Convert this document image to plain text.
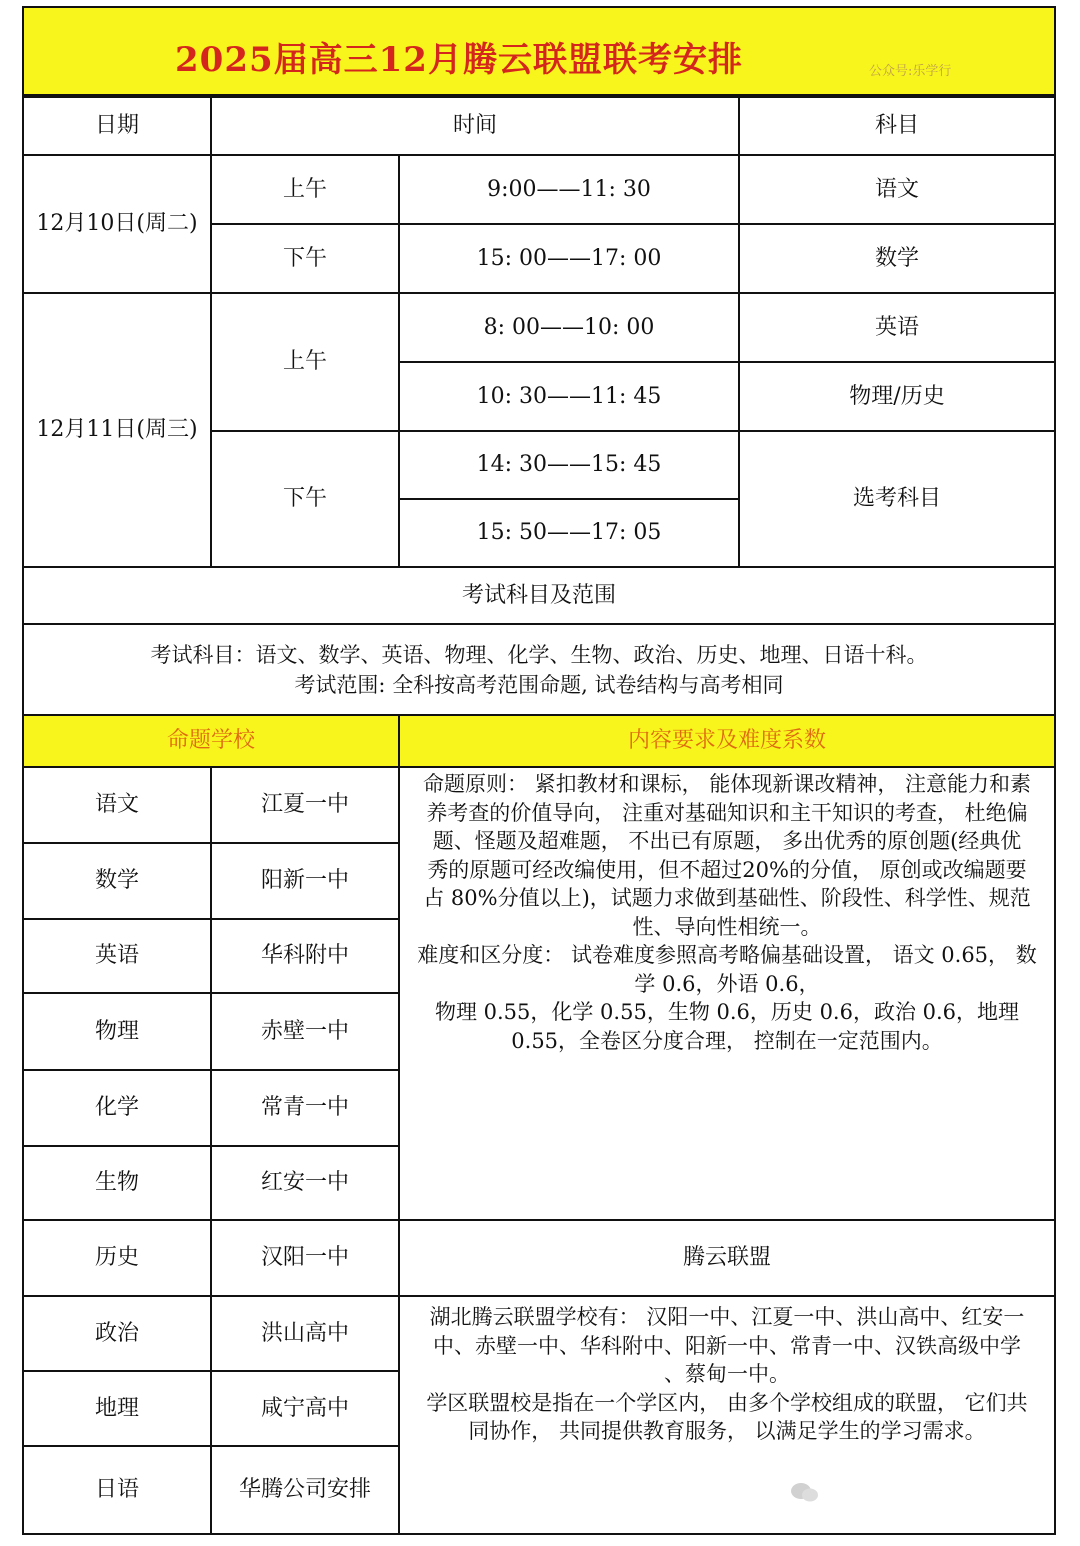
2025届高三12月腾云联盟联考安排	公众号:乐学行
日期	时间	科目
12月10日(周二)
上午	9:00——11: 30	语文
下午	15: 00——17: 00	数学
12月11日(周三)
上午
8: 00——10: 00	英语
10: 30——11: 45	物理/历史
下午
14: 30——15: 45
15: 50——17: 05
选考科目
考试科目及范围
考试科目：语文、数学、英语、物理、化学、生物、政治、历史、地理、日语十科。
考试范围: 全科按高考范围命题, 试卷结构与高考相同
命题学校	内容要求及难度系数
语文	江夏一中
数学	阳新一中
英语	华科附中
物理	赤壁一中
化学	常青一中
生物	红安一中
历史	汉阳一中
政治	洪山高中
地理	咸宁高中
日语	华腾公司安排

命题原则： 紧扣教材和课标， 能体现新课改精神， 注意能力和素

养考查的价值导向， 注重对基础知识和主干知识的考查， 杜绝偏

题、怪题及超难题， 不出已有原题， 多出优秀的原创题(经典优

秀的原题可经改编使用，但不超过20%的分值， 原创或改编题要

占 80%分值以上)，试题力求做到基础性、阶段性、科学性、规范性、导向性相统一。

难度和区分度： 试卷难度参照高考略偏基础设置， 语文 0.65， 数

学 0.6，外语 0.6，

物理 0.55，化学 0.55，生物 0.6，历史 0.6，政治 0.6，地理

0.55，全卷区分度合理， 控制在一定范围内。

腾云联盟

湖北腾云联盟学校有： 汉阳一中、江夏一中、洪山高中、红安一

中、赤壁一中、华科附中、阳新一中、常青一中、汉铁高级中学

、蔡甸一中。

学区联盟校是指在一个学区内， 由多个学校组成的联盟， 它们共

同协作， 共同提供教育服务， 以满足学生的学习需求。
